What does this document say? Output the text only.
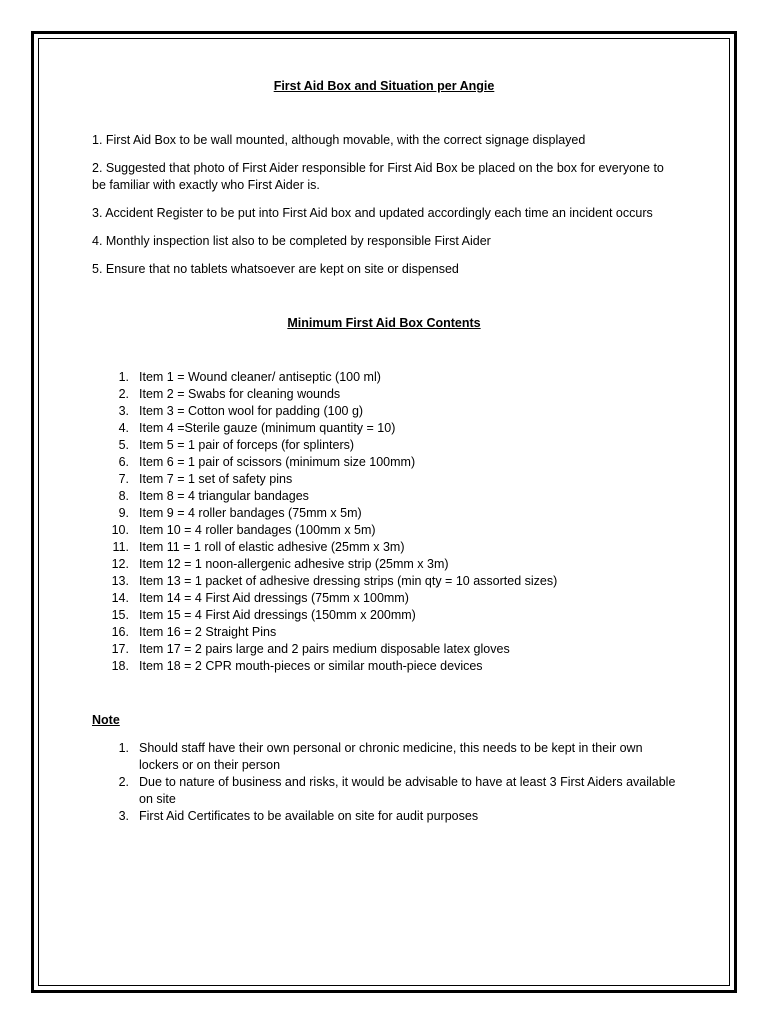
First Aid Box and Situation per Angie

1. First Aid Box to be wall mounted, although movable, with the correct signage displayed

2. Suggested that photo of First Aider responsible for First Aid Box be placed on the box for everyone to be familiar with exactly who First Aider is.

3. Accident Register to be put into First Aid box and updated accordingly each time an incident occurs

4. Monthly inspection list also to be completed by responsible First Aider

5. Ensure that no tablets whatsoever are kept on site or dispensed

Minimum First Aid Box Contents
1. Item 1 = Wound cleaner/ antiseptic (100 ml)
2. Item 2 = Swabs for cleaning wounds
3. Item 3 = Cotton wool for padding (100 g)
4. Item 4 =Sterile gauze (minimum quantity = 10)
5. Item 5 = 1 pair of forceps (for splinters)
6. Item 6 = 1 pair of scissors (minimum size 100mm)
7. Item 7 = 1 set of safety pins
8. Item 8 = 4 triangular bandages
9. Item 9 = 4 roller bandages (75mm x 5m)
10. Item 10 = 4 roller bandages (100mm x 5m)
11. Item 11 = 1 roll of elastic adhesive (25mm x 3m)
12. Item 12 = 1 noon-allergenic adhesive strip (25mm x 3m)
13. Item 13 = 1 packet of adhesive dressing strips (min qty = 10 assorted sizes)
14. Item 14 = 4 First Aid dressings (75mm x 100mm)
15. Item 15 = 4 First Aid dressings (150mm x 200mm)
16. Item 16 = 2 Straight Pins
17. Item 17 = 2 pairs large and 2 pairs medium disposable latex gloves
18. Item 18 = 2 CPR mouth-pieces or similar mouth-piece devices
Note
1. Should staff have their own personal or chronic medicine, this needs to be kept in their own lockers or on their person
2. Due to nature of business and risks, it would be advisable to have at least 3 First Aiders available on site
3. First Aid Certificates to be available on site for audit purposes
